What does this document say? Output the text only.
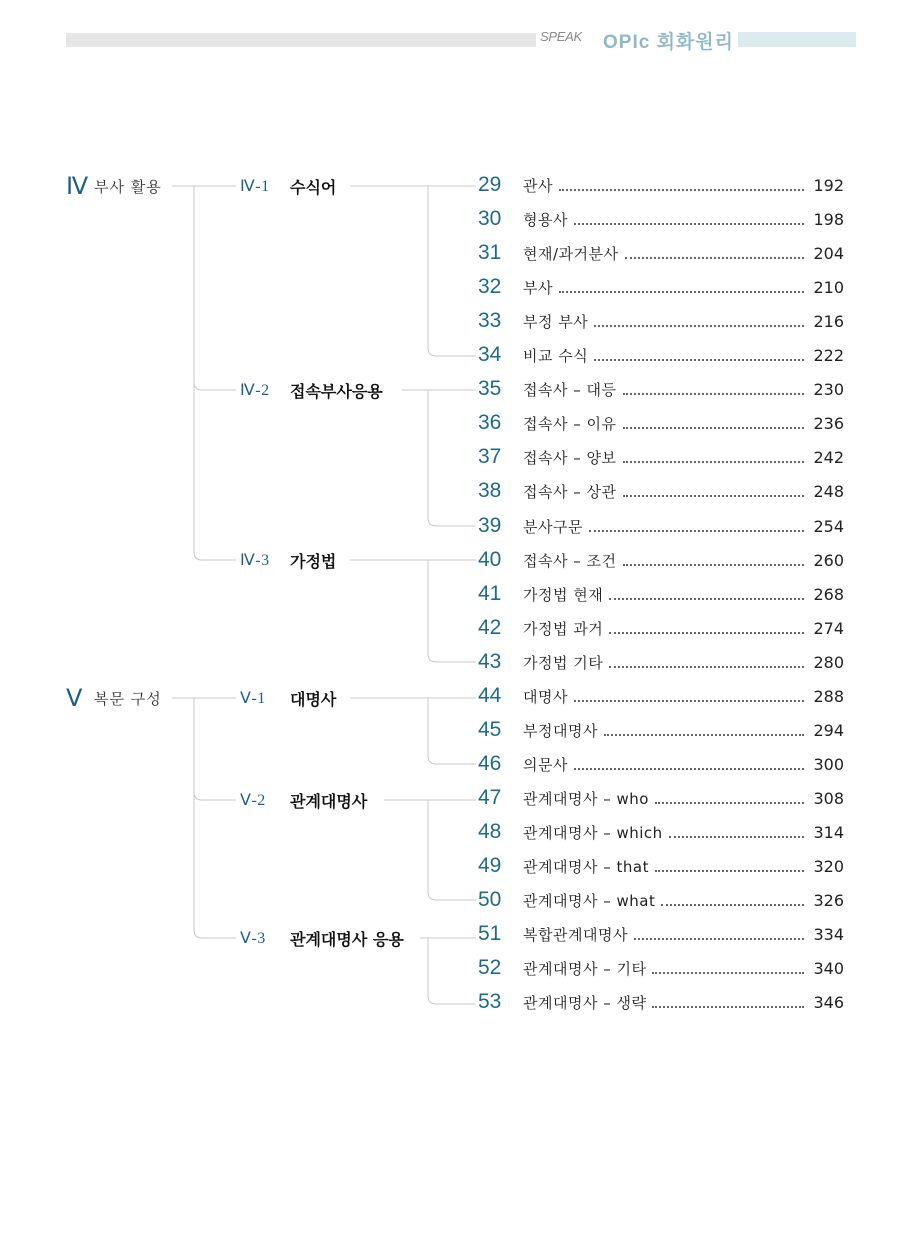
SPEAK OPIc 회화원리
Ⅳ 부사 활용
Ⅴ 복문 구성
Ⅳ-1	수식어
Ⅳ-2	접속부사응용
Ⅳ-3	가정법
Ⅴ-1	대명사
Ⅴ-2	관계대명사
Ⅴ-3	관계대명사 응용
29	관사	192
30	형용사	198
31	현재/과거분사	204
32	부사	210
33	부정 부사	216
34	비교 수식	222
35	접속사 – 대등	230
36	접속사 – 이유	236
37	접속사 – 양보	242
38	접속사 – 상관	248
39	분사구문	254
40	접속사 – 조건	260
41	가정법 현재	268
42	가정법 과거	274
43	가정법 기타	280
44	대명사	288
45	부정대명사	294
46	의문사	300
47	관계대명사 – who	308
48	관계대명사 – which	314
49	관계대명사 – that	320
50	관계대명사 – what	326
51	복합관계대명사	334
52	관계대명사 – 기타	340
53	관계대명사 – 생략	346
